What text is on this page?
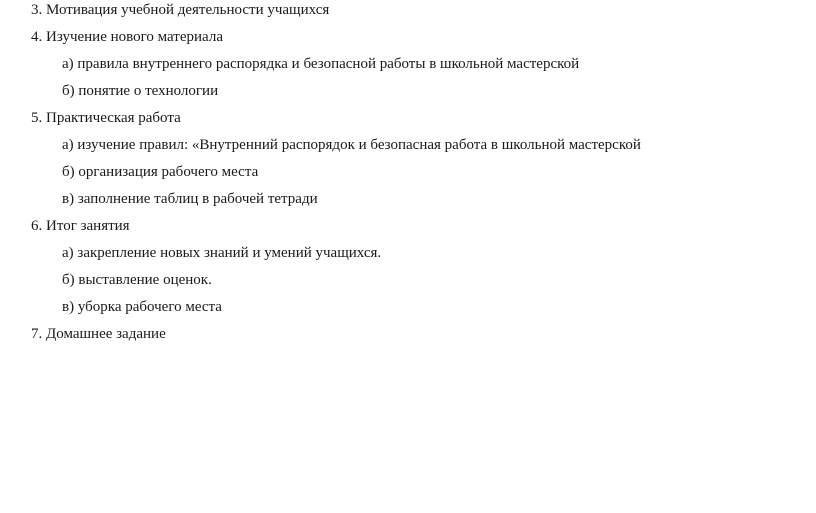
3. Мотивация учебной деятельности учащихся
4. Изучение нового материала
а) правила внутреннего распорядка и безопасной работы в школьной мастерской
б) понятие о технологии
5. Практическая работа
а) изучение правил: «Внутренний распорядок и безопасная работа в школьной мастерской
б) организация рабочего места
в) заполнение таблиц в рабочей тетради
6. Итог занятия
а) закрепление новых знаний и умений учащихся.
б) выставление оценок.
в) уборка рабочего места
7. Домашнее задание
